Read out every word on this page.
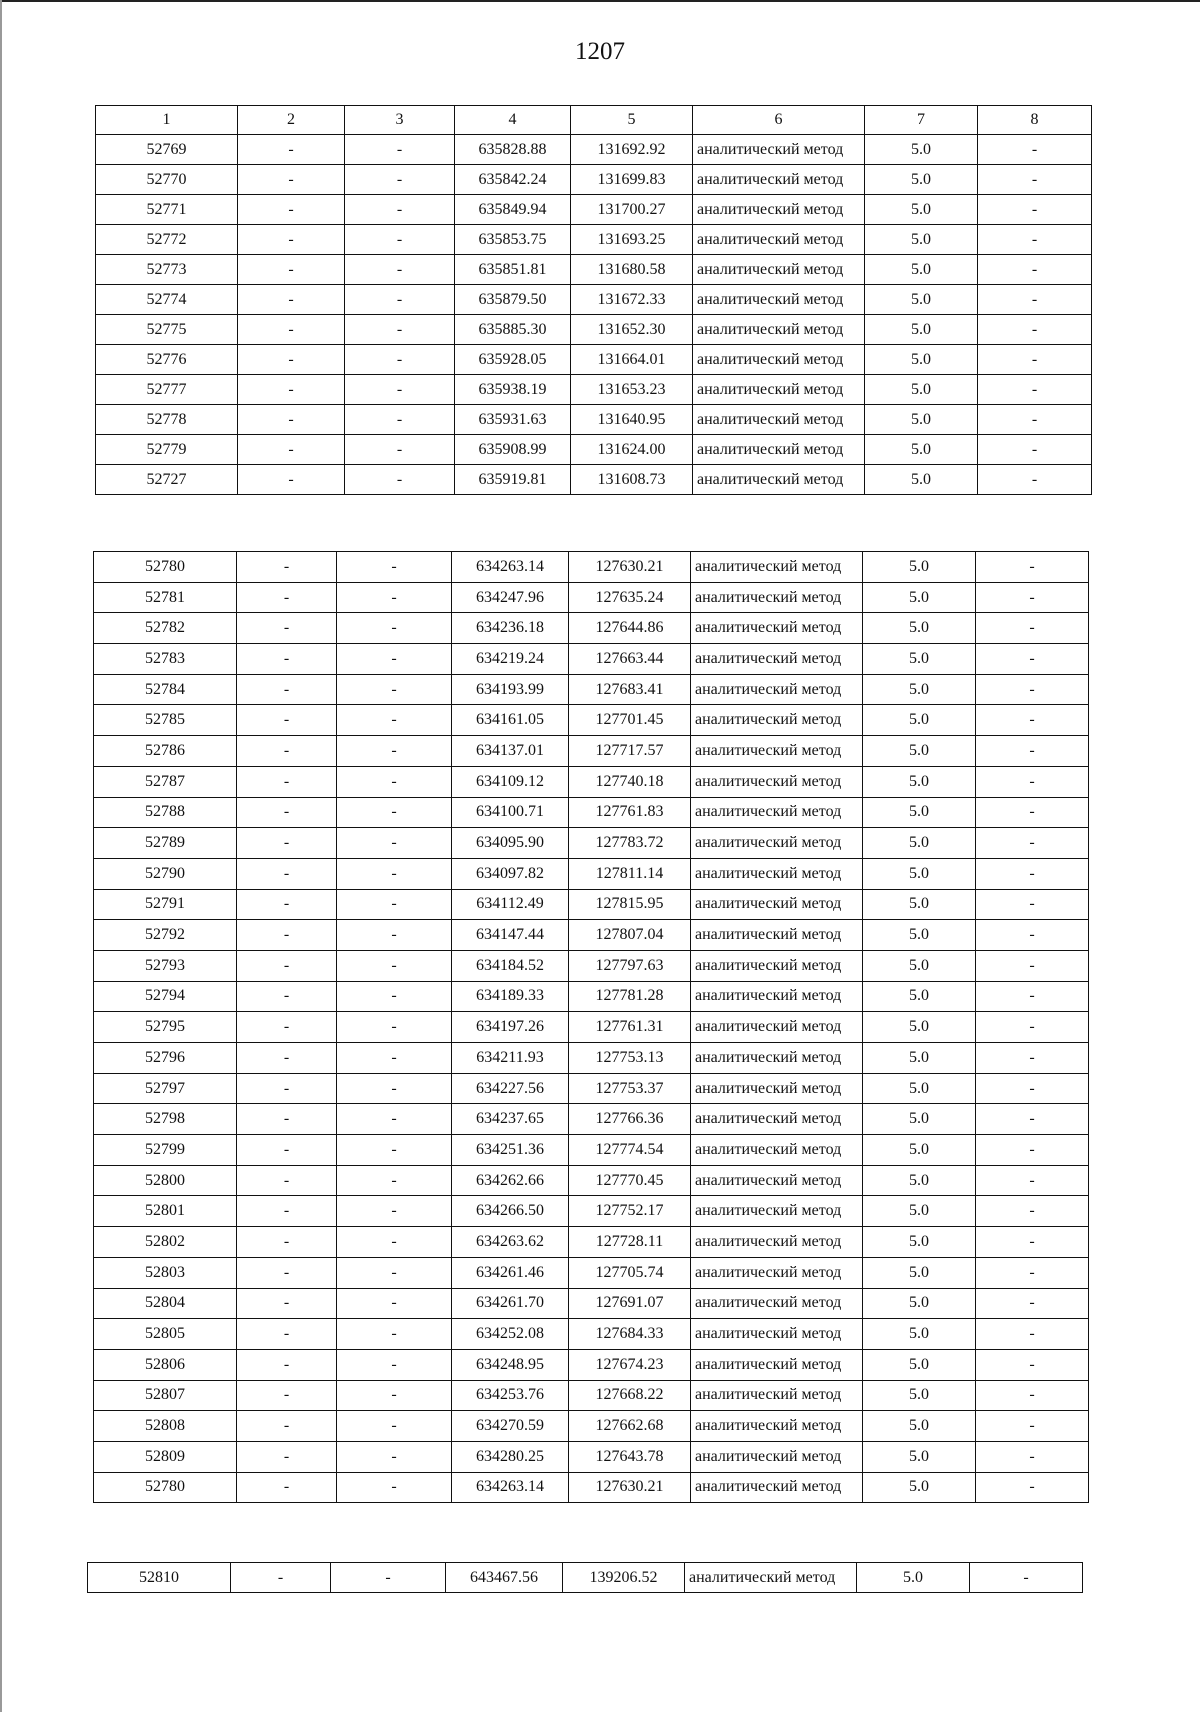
1207
1	2	3	4	5	6	7	8
52769	-	-	635828.88	131692.92	аналитический метод	5.0	-
52770	-	-	635842.24	131699.83	аналитический метод	5.0	-
52771	-	-	635849.94	131700.27	аналитический метод	5.0	-
52772	-	-	635853.75	131693.25	аналитический метод	5.0	-
52773	-	-	635851.81	131680.58	аналитический метод	5.0	-
52774	-	-	635879.50	131672.33	аналитический метод	5.0	-
52775	-	-	635885.30	131652.30	аналитический метод	5.0	-
52776	-	-	635928.05	131664.01	аналитический метод	5.0	-
52777	-	-	635938.19	131653.23	аналитический метод	5.0	-
52778	-	-	635931.63	131640.95	аналитический метод	5.0	-
52779	-	-	635908.99	131624.00	аналитический метод	5.0	-
52727	-	-	635919.81	131608.73	аналитический метод	5.0	-
52780	-	-	634263.14	127630.21	аналитический метод	5.0	-
52781	-	-	634247.96	127635.24	аналитический метод	5.0	-
52782	-	-	634236.18	127644.86	аналитический метод	5.0	-
52783	-	-	634219.24	127663.44	аналитический метод	5.0	-
52784	-	-	634193.99	127683.41	аналитический метод	5.0	-
52785	-	-	634161.05	127701.45	аналитический метод	5.0	-
52786	-	-	634137.01	127717.57	аналитический метод	5.0	-
52787	-	-	634109.12	127740.18	аналитический метод	5.0	-
52788	-	-	634100.71	127761.83	аналитический метод	5.0	-
52789	-	-	634095.90	127783.72	аналитический метод	5.0	-
52790	-	-	634097.82	127811.14	аналитический метод	5.0	-
52791	-	-	634112.49	127815.95	аналитический метод	5.0	-
52792	-	-	634147.44	127807.04	аналитический метод	5.0	-
52793	-	-	634184.52	127797.63	аналитический метод	5.0	-
52794	-	-	634189.33	127781.28	аналитический метод	5.0	-
52795	-	-	634197.26	127761.31	аналитический метод	5.0	-
52796	-	-	634211.93	127753.13	аналитический метод	5.0	-
52797	-	-	634227.56	127753.37	аналитический метод	5.0	-
52798	-	-	634237.65	127766.36	аналитический метод	5.0	-
52799	-	-	634251.36	127774.54	аналитический метод	5.0	-
52800	-	-	634262.66	127770.45	аналитический метод	5.0	-
52801	-	-	634266.50	127752.17	аналитический метод	5.0	-
52802	-	-	634263.62	127728.11	аналитический метод	5.0	-
52803	-	-	634261.46	127705.74	аналитический метод	5.0	-
52804	-	-	634261.70	127691.07	аналитический метод	5.0	-
52805	-	-	634252.08	127684.33	аналитический метод	5.0	-
52806	-	-	634248.95	127674.23	аналитический метод	5.0	-
52807	-	-	634253.76	127668.22	аналитический метод	5.0	-
52808	-	-	634270.59	127662.68	аналитический метод	5.0	-
52809	-	-	634280.25	127643.78	аналитический метод	5.0	-
52780	-	-	634263.14	127630.21	аналитический метод	5.0	-
52810	-	-	643467.56	139206.52	аналитический метод	5.0	-
